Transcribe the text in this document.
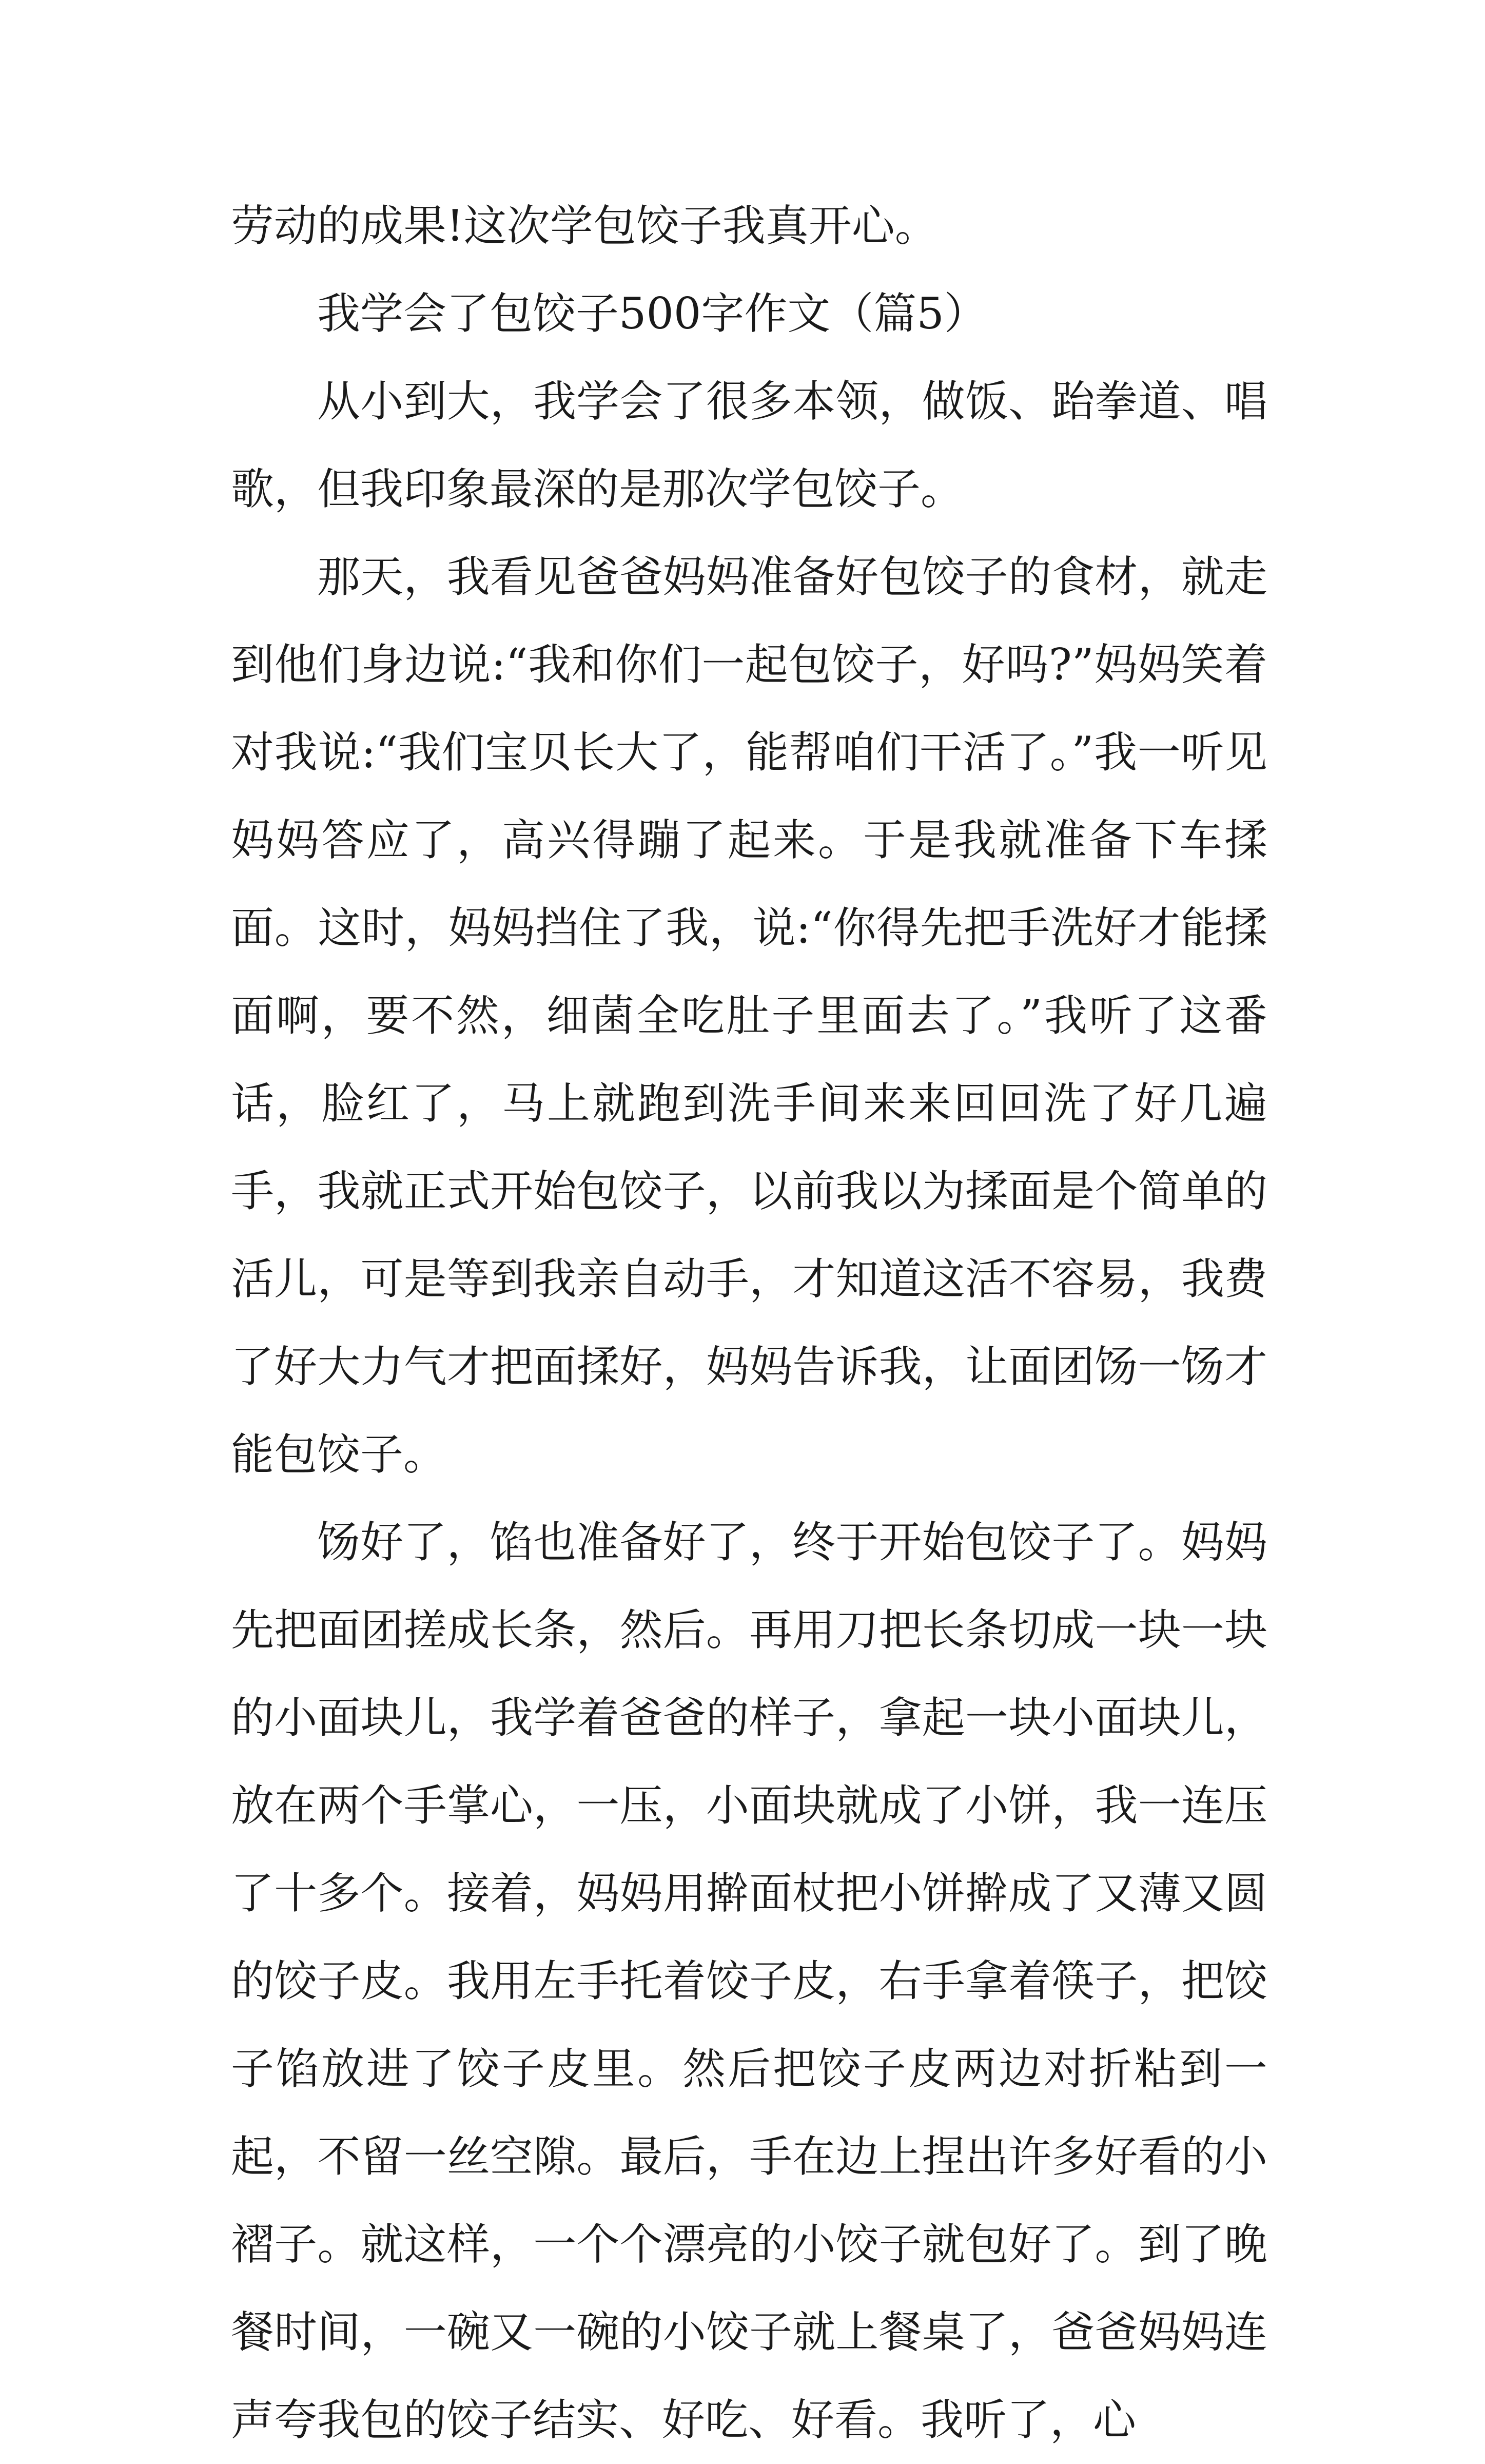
劳动的成果!这次学包饺子我真开心。

我学会了包饺子500字作文（篇5）

从小到大，我学会了很多本领，做饭、跆拳道、唱歌，但我印象最深的是那次学包饺子。

那天，我看见爸爸妈妈准备好包饺子的食材，就走到他们身边说:“我和你们一起包饺子，好吗?”妈妈笑着对我说:“我们宝贝长大了，能帮咱们干活了。”我一听见妈妈答应了，高兴得蹦了起来。于是我就准备下车揉面。这时，妈妈挡住了我，说:“你得先把手洗好才能揉面啊，要不然，细菌全吃肚子里面去了。”我听了这番话，脸红了，马上就跑到洗手间来来回回洗了好几遍手，我就正式开始包饺子，以前我以为揉面是个简单的活儿，可是等到我亲自动手，才知道这活不容易，我费了好大力气才把面揉好，妈妈告诉我，让面团饧一饧才能包饺子。

饧好了，馅也准备好了，终于开始包饺子了。妈妈先把面团搓成长条，然后。再用刀把长条切成一块一块的小面块儿，我学着爸爸的样子，拿起一块小面块儿，放在两个手掌心，一压，小面块就成了小饼，我一连压了十多个。接着，妈妈用擀面杖把小饼擀成了又薄又圆的饺子皮。我用左手托着饺子皮，右手拿着筷子，把饺子馅放进了饺子皮里。然后把饺子皮两边对折粘到一起，不留一丝空隙。最后，手在边上捏出许多好看的小褶子。就这样，一个个漂亮的小饺子就包好了。到了晚餐时间，一碗又一碗的小饺子就上餐桌了，爸爸妈妈连声夸我包的饺子结实、好吃、好看。我听了，心
